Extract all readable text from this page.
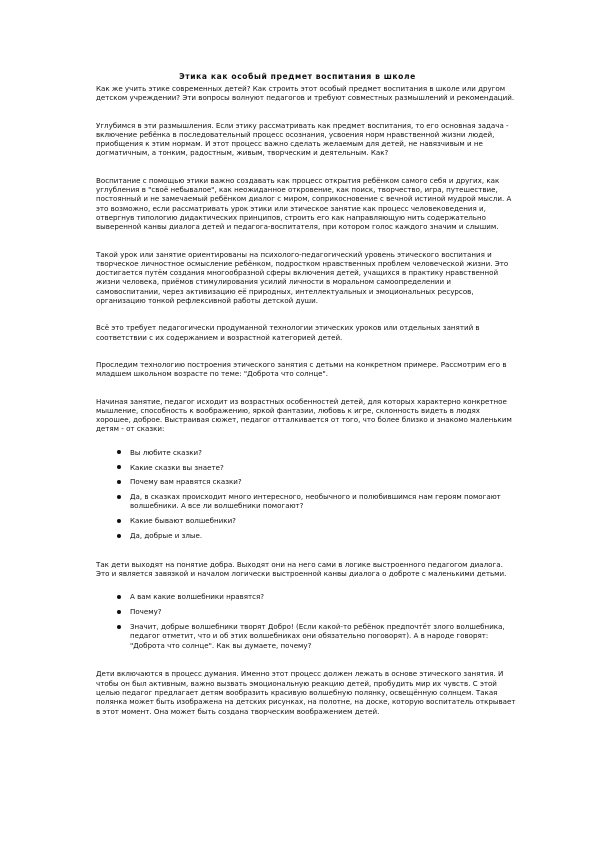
Этика как особый предмет воспитания в школе

Как же учить этике современных детей? Как строить этот особый предмет воспитания в школе или другом детском учреждении? Эти вопросы волнуют педагогов и требуют совместных размышлений и рекомендаций.

Углубимся в эти размышления. Если этику рассматривать как предмет воспитания, то его основная задача - включение ребёнка в последовательный процесс осознания, усвоения норм нравственной жизни людей, приобщения к этим нормам. И этот процесс важно сделать желаемым для детей, не навязчивым и не догматичным, а тонким, радостным, живым, творческим и деятельным. Как?

Воспитание с помощью этики важно создавать как процесс открытия ребёнком самого себя и других, как углубления в "своё небывалое", как неожиданное откровение, как поиск, творчество, игра, путешествие, постоянный и не замечаемый ребёнком диалог с миром, соприкосновение с вечной истиной мудрой мысли. А это возможно, если рассматривать урок этики или этическое занятие как процесс человековедения и, отвергнув типологию дидактических принципов, строить его как направляющую нить содержательно выверенной канвы диалога детей и педагога-воспитателя, при котором голос каждого значим и слышим.

Такой урок или занятие ориентированы на психолого-педагогический уровень этического воспитания и творческое личностное осмысление ребёнком, подростком нравственных проблем человеческой жизни. Это достигается путём создания многообразной сферы включения детей, учащихся в практику нравственной жизни человека, приёмов стимулирования усилий личности в моральном самоопределении и самовоспитании, через активизацию её природных, интеллектуальных и эмоциональных ресурсов, организацию тонкой рефлексивной работы детской души.

Всё это требует педагогически продуманной технологии этических уроков или отдельных занятий в соответствии с их содержанием и возрастной категорией детей.

Проследим технологию построения этического занятия с детьми на конкретном примере. Рассмотрим его в младшем школьном возрасте по теме: "Доброта что солнце".

Начиная занятие, педагог исходит из возрастных особенностей детей, для которых характерно конкретное мышление, способность к воображению, яркой фантазии, любовь к игре, склонность видеть в людях хорошее, доброе. Выстраивая сюжет, педагог отталкивается от того, что более близко и знакомо маленьким детям - от сказки:

Вы любите сказки?
Какие сказки вы знаете?
Почему вам нравятся сказки?
Да, в сказках происходит много интересного, необычного и полюбившимся нам героям помогают волшебники. А все ли волшебники помогают?
Какие бывают волшебники?
Да, добрые и злые.

Так дети выходят на понятие добра. Выходят они на него сами в логике выстроенного педагогом диалога. Это и является завязкой и началом логически выстроенной канвы диалога о доброте с маленькими детьми.

А вам какие волшебники нравятся?
Почему?
Значит, добрые волшебники творят Добро! (Если какой-то ребёнок предпочтёт злого волшебника, педагог отметит, что и об этих волшебниках они обязательно поговорят). А в народе говорят: "Доброта что солнце". Как вы думаете, почему?

Дети включаются в процесс думания. Именно этот процесс должен лежать в основе этического занятия. И чтобы он был активным, важно вызвать эмоциональную реакцию детей, пробудить мир их чувств. С этой целью педагог предлагает детям вообразить красивую волшебную полянку, освещённую солнцем. Такая полянка может быть изображена на детских рисунках, на полотне, на доске, которую воспитатель открывает в этот момент. Она может быть создана творческим воображением детей.
